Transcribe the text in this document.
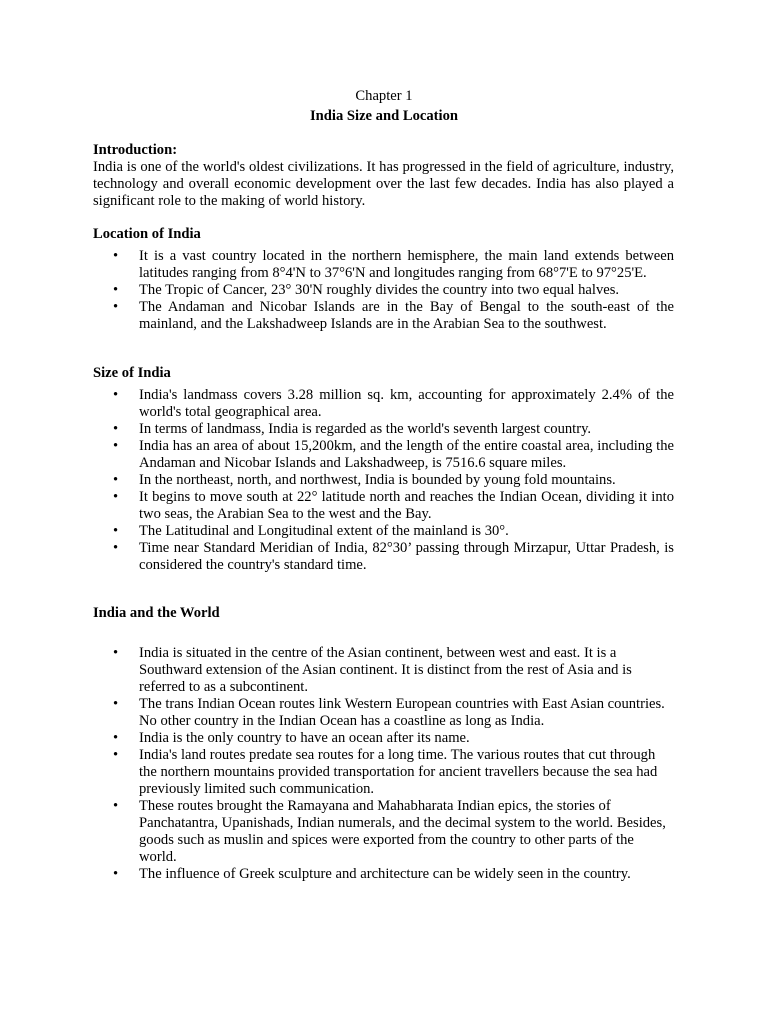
Chapter 1
India Size and Location
Introduction:
India is one of the world's oldest civilizations. It has progressed in the field of agriculture, industry, technology and overall economic development over the last few decades. India has also played a significant role to the making of world history.
Location of India
• It is a vast country located in the northern hemisphere, the main land extends between latitudes ranging from 8°4'N to 37°6'N and longitudes ranging from 68°7'E to 97°25'E.
• The Tropic of Cancer, 23° 30'N roughly divides the country into two equal halves.
• The Andaman and Nicobar Islands are in the Bay of Bengal to the south-east of the mainland, and the Lakshadweep Islands are in the Arabian Sea to the southwest.
Size of India
• India's landmass covers 3.28 million sq. km, accounting for approximately 2.4% of the world's total geographical area.
• In terms of landmass, India is regarded as the world's seventh largest country.
• India has an area of about 15,200km, and the length of the entire coastal area, including the Andaman and Nicobar Islands and Lakshadweep, is 7516.6 square miles.
• In the northeast, north, and northwest, India is bounded by young fold mountains.
• It begins to move south at 22° latitude north and reaches the Indian Ocean, dividing it into two seas, the Arabian Sea to the west and the Bay.
• The Latitudinal and Longitudinal extent of the mainland is 30°.
• Time near Standard Meridian of India, 82°30’ passing through Mirzapur, Uttar Pradesh, is considered the country's standard time.
India and the World
• India is situated in the centre of the Asian continent, between west and east. It is a Southward extension of the Asian continent. It is distinct from the rest of Asia and is referred to as a subcontinent.
• The trans Indian Ocean routes link Western European countries with East Asian countries. No other country in the Indian Ocean has a coastline as long as India.
• India is the only country to have an ocean after its name.
• India's land routes predate sea routes for a long time. The various routes that cut through the northern mountains provided transportation for ancient travellers because the sea had previously limited such communication.
• These routes brought the Ramayana and Mahabharata Indian epics, the stories of Panchatantra, Upanishads, Indian numerals, and the decimal system to the world. Besides, goods such as muslin and spices were exported from the country to other parts of the world.
• The influence of Greek sculpture and architecture can be widely seen in the country.
